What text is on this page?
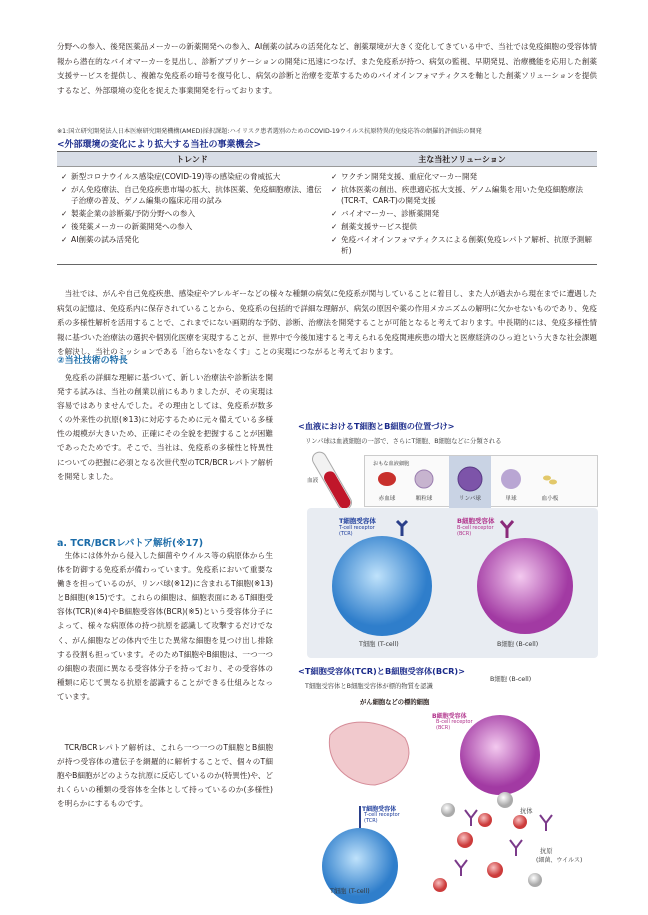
分野への参入、後発医薬品メーカーの新薬開発への参入、AI創薬の試みの活発化など、創薬環境が大きく変化してきている中で、当社では免疫細胞の受容体情報から潜在的なバイオマーカーを見出し、診断アプリケーションの開発に迅速につなげ、また免疫系が持つ、病気の監視、早期発見、治療機能を応用した創薬支援サービスを提供し、複雑な免疫系の暗号を復号化し、病気の診断と治療を変革するためのバイオインフォマティクスを軸とした創薬ソリューションを提供するなど、外部環境の変化を捉えた事業開発を行っております。
※1:国立研究開発法人日本医療研究開発機構(AMED)採択課題:ハイリスク患者選別のためのCOVID-19ウイルス抗原特異的免疫応答の網羅的評価法の開発
<外部環境の変化により拡大する当社の事業機会>
トレンド	主な当社ソリューション
✓ 新型コロナウイルス感染症(COVID-19)等の感染症の脅威拡大
✓ がん免疫療法、自己免疫疾患市場の拡大、抗体医薬、免疫細胞療法、遺伝子治療の普及、ゲノム編集の臨床応用の試み
✓ 製薬企業の診断薬/予防分野への参入
✓ 後発薬メーカーの新薬開発への参入
✓ AI創薬の試み活発化
✓ ワクチン開発支援、重症化マーカー開発
✓ 抗体医薬の創出、疾患適応拡大支援、ゲノム編集を用いた免疫細胞療法(TCR-T、CAR-T)の開発支援
✓ バイオマーカー、診断薬開発
✓ 創薬支援サービス提供
✓ 免疫バイオインフォマティクスによる創薬(免疫レパトア解析、抗原予測解析)
当社では、がんや自己免疫疾患、感染症やアレルギーなどの様々な種類の病気に免疫系が関与していることに着目し、また人が過去から現在までに遭遇した病気の記憶は、免疫系内に保存されていることから、免疫系の包括的で詳細な理解が、病気の原因や薬の作用メカニズムの解明に欠かせないものであり、免疫系の多様性解析を活用することで、これまでにない画期的な予防、診断、治療法を開発することが可能となると考えております。中長期的には、免疫多様性情報に基づいた治療法の選択や個別化医療を実現することが、世界中で今後加速すると考えられる免疫関連疾患の増大と医療経済のひっ迫という大きな社会課題を解決し、当社のミッションである「治らないをなくす」ことの実現につながると考えております。
②当社技術の特長
免疫系の詳細な理解に基づいて、新しい治療法や診断法を開発する試みは、当社の創業以前にもありましたが、その実現は容易ではありませんでした。その理由としては、免疫系が数多くの外来性の抗原(※13)に対応するために元々備えている多様性の規模が大きいため、正確にその全貌を把握することが困難であったためです。そこで、当社は、免疫系の多様性と特異性についての把握に必須となる次世代型のTCR/BCRレパトア解析を開発しました。
a. TCR/BCRレパトア解析(※17)
生体には体外から侵入した細菌やウイルス等の病原体から生体を防御する免疫系が備わっています。免疫系において重要な働きを担っているのが、リンパ球(※12)に含まれるT細胞(※13)とB細胞(※15)です。これらの細胞は、細胞表面にあるT細胞受容体(TCR)(※4)やB細胞受容体(BCR)(※5)という受容体分子によって、様々な病原体の持つ抗原を認識して攻撃するだけでなく、がん細胞などの体内で生じた異常な細胞を見つけ出し排除する役割も担っています。そのためT細胞やB細胞は、一つ一つの細胞の表面に異なる受容体分子を持っており、その受容体の種類に応じて異なる抗原を認識することができる仕組みとなっています。
TCR/BCRレパトア解析は、これら一つ一つのT細胞とB細胞が持つ受容体の遺伝子を網羅的に解析することで、個々のT細胞やB細胞がどのような抗原に反応しているのか(特異性)や、どれくらいの種類の受容体を全体として持っているのか(多様性)を明らかにするものです。
<血液におけるT細胞とB細胞の位置づけ>
リンパ球は血液細胞の一部で、さらにT細胞、B細胞などに分類される
血液
おもな血液細胞
赤血球	顆粒球	リンパ球	単球	血小板
T細胞受容体
T-cell receptor (TCR)
B細胞受容体
B-cell receptor (BCR)
T細胞 (T-cell)	B細胞 (B-cell)
<T細胞受容体(TCR)とB細胞受容体(BCR)>
T細胞受容体とB細胞受容体が標的物質を認識
がん細胞などの標的細胞
B細胞 (B-cell)
B細胞受容体
B-cell receptor (BCR)
T細胞受容体
T-cell receptor (TCR)
抗体
抗原
(細菌、ウイルス)
T細胞 (T-cell)
